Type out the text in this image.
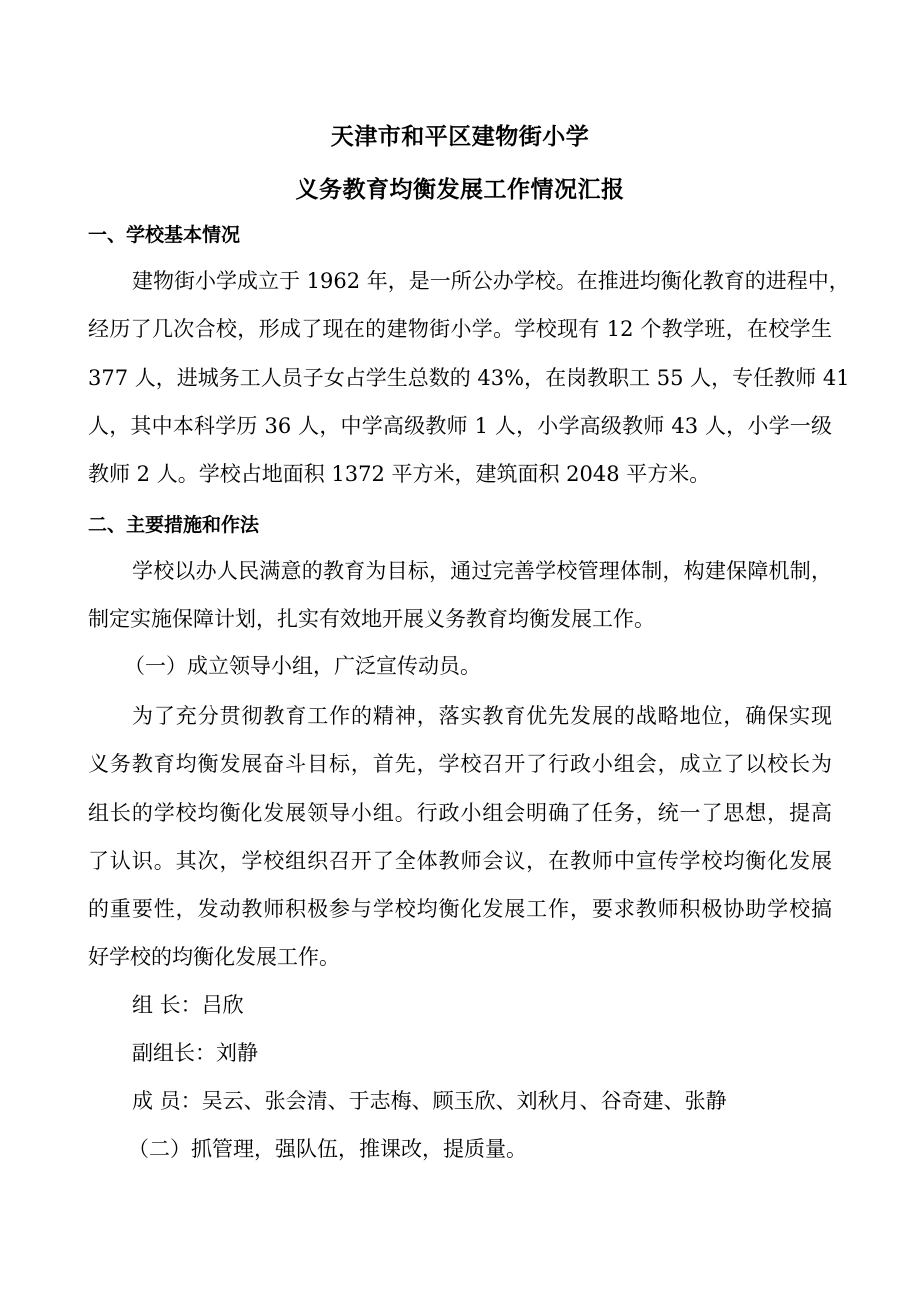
天津市和平区建物街小学
义务教育均衡发展工作情况汇报
一、学校基本情况
建物街小学成立于 1962 年，是一所公办学校。在推进均衡化教育的进程中，
经历了几次合校，形成了现在的建物街小学。学校现有 12 个教学班，在校学生
377 人，进城务工人员子女占学生总数的 43%，在岗教职工 55 人，专任教师 41
人，其中本科学历 36 人，中学高级教师 1 人，小学高级教师 43 人，小学一级
教师 2 人。学校占地面积 1372 平方米，建筑面积 2048 平方米。
二、主要措施和作法
学校以办人民满意的教育为目标，通过完善学校管理体制，构建保障机制，
制定实施保障计划，扎实有效地开展义务教育均衡发展工作。
（一）成立领导小组，广泛宣传动员。
为了充分贯彻教育工作的精神，落实教育优先发展的战略地位，确保实现
义务教育均衡发展奋斗目标，首先，学校召开了行政小组会，成立了以校长为
组长的学校均衡化发展领导小组。行政小组会明确了任务，统一了思想，提高
了认识。其次，学校组织召开了全体教师会议，在教师中宣传学校均衡化发展
的重要性，发动教师积极参与学校均衡化发展工作，要求教师积极协助学校搞
好学校的均衡化发展工作。
组 长：吕欣
副组长：刘静
成 员：吴云、张会清、于志梅、顾玉欣、刘秋月、谷奇建、张静
（二）抓管理，强队伍，推课改，提质量。
